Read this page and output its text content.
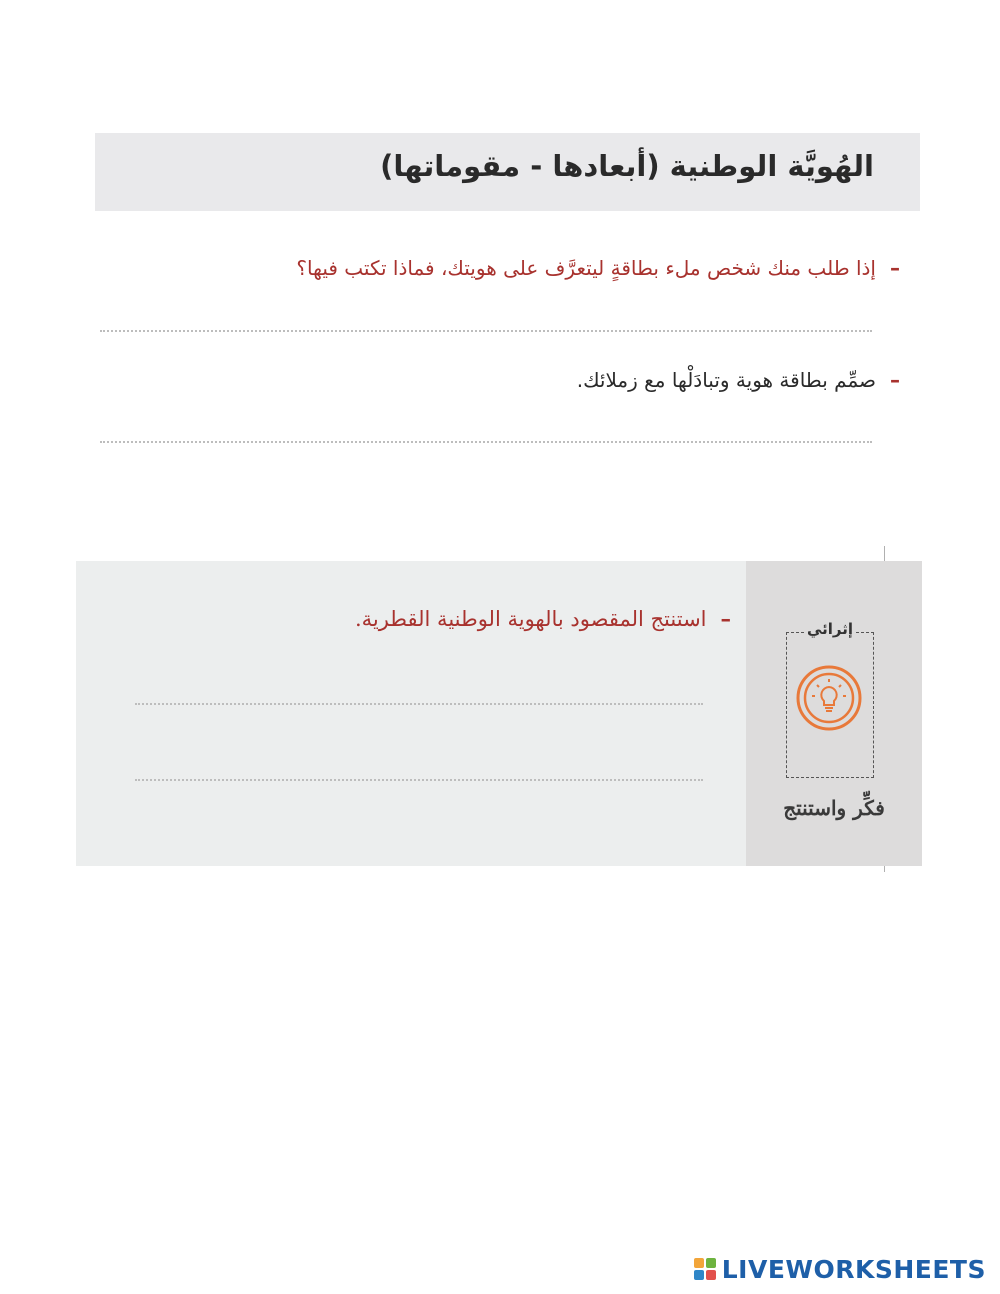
الهُويَّة الوطنية (أبعادها - مقوماتها)
–إذا طلب منك شخص ملء بطاقةٍ ليتعرَّف على هويتك، فماذا تكتب فيها؟
–صمِّم بطاقة هوية وتبادَلْها مع زملائك.
إثرائي
فكِّر واستنتج
–استنتج المقصود بالهوية الوطنية القطرية.
LIVEWORKSHEETS
